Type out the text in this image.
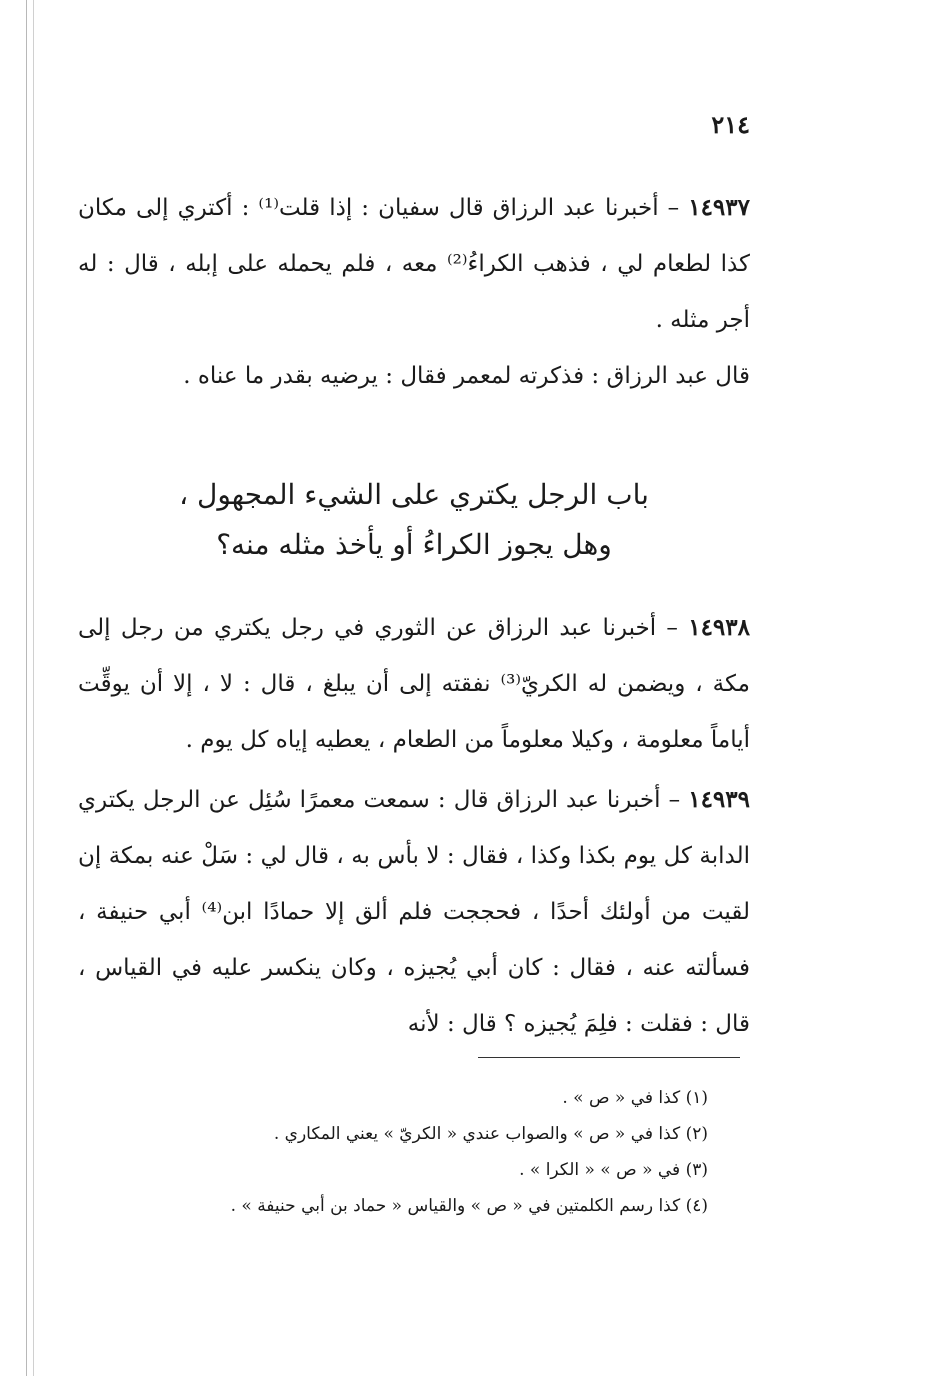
٢١٤

١٤٩٣٧ – أخبرنا عبد الرزاق قال سفيان : إذا قلت⁽¹⁾ : أكتري إلى مكان كذا لطعام لي ، فذهب الكراءُ⁽²⁾ معه ، فلم يحمله على إبله ، قال : له أجر مثله .

قال عبد الرزاق : فذكرته لمعمر فقال : يرضيه بقدر ما عناه .

باب الرجل يكتري على الشيء المجهول ،
وهل يجوز الكراءُ أو يأخذ مثله منه؟

١٤٩٣٨ – أخبرنا عبد الرزاق عن الثوري في رجل يكتري من رجل إلى مكة ، ويضمن له الكريّ⁽³⁾ نفقته إلى أن يبلغ ، قال : لا ، إلا أن يوقِّت أياماً معلومة ، وكيلا معلوماً من الطعام ، يعطيه إياه كل يوم .

١٤٩٣٩ – أخبرنا عبد الرزاق قال : سمعت معمرًا سُئِل عن الرجل يكتري الدابة كل يوم بكذا وكذا ، فقال : لا بأس به ، قال لي : سَلْ عنه بمكة إن لقيت من أولئك أحدًا ، فحججت فلم ألق إلا حمادًا ابن⁽⁴⁾ أبي حنيفة ، فسألته عنه ، فقال : كان أبي يُجيزه ، وكان ينكسر عليه في القياس ، قال : فقلت : فلِمَ يُجيزه ؟ قال : لأنه

(١) كذا في « ص » .
(٢) كذا في « ص » والصواب عندي « الكريّ » يعني المكاري .
(٣) في « ص » « الكرا » .
(٤) كذا رسم الكلمتين في « ص » والقياس « حماد بن أبي حنيفة » .
